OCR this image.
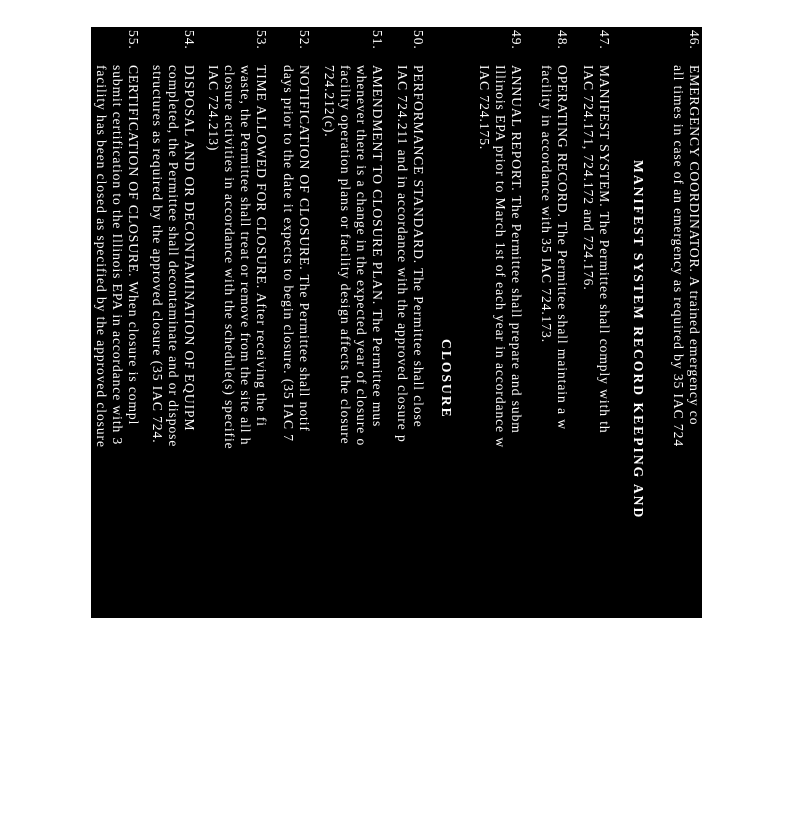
46.
EMERGENCY COORDINATOR. A trained emergency co
all times in case of an emergency as required by 35 IAC 724
MANIFEST SYSTEM RECORD KEEPING AND
47.
MANIFEST SYSTEM. The Permittee shall comply with th
IAC 724.171, 724.172 and 724.176.
48.
OPERATING RECORD. The Permittee shall maintain a w
facility in accordance with 35 IAC 724.173.
49.
ANNUAL REPORT. The Permittee shall prepare and subm
Illinois EPA prior to March 1st of each year in accordance w
IAC 724.175.
CLOSURE
50.
PERFORMANCE STANDARD. The Permittee shall close
IAC 724.211 and in accordance with the approved closure p
51.
AMENDMENT TO CLOSURE PLAN. The Permittee mus
whenever there is a change in the expected year of closure o
facility operation plans or facility design affects the closure
724.212(c).
52.
NOTIFICATION OF CLOSURE. The Permittee shall notif
days prior to the date it expects to begin closure. (35 IAC 7
53.
TIME ALLOWED FOR CLOSURE. After receiving the fi
waste, the Permittee shall treat or remove from the site all h
closure activities in accordance with the schedule(s) specifie
IAC 724.213)
54.
DISPOSAL AND OR DECONTAMINATION OF EQUIPM
completed, the Permittee shall decontaminate and or dispose
structures as required by the approved closure (35 IAC 724.
55.
CERTIFICATION OF CLOSURE. When closure is compl
submit certification to the Illinois EPA in accordance with 3
facility has been closed as specified by the approved closure
56.
COST ESTIMATE FOR FACILITY CLOSURE. The Perm
estimate, prepared in accordance with 35 IAC 724.242, mus
